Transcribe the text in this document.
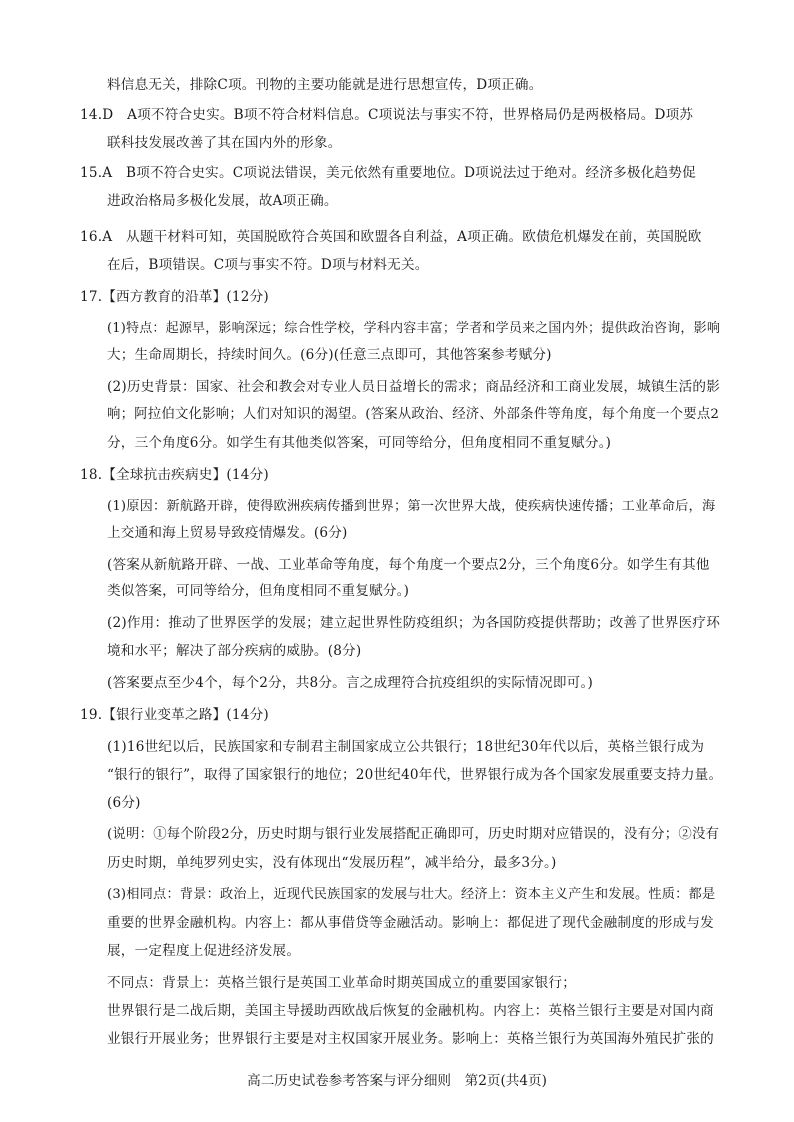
料信息无关，排除C项。刊物的主要功能就是进行思想宣传，D项正确。
14.D　A项不符合史实。B项不符合材料信息。C项说法与事实不符，世界格局仍是两极格局。D项苏
联科技发展改善了其在国内外的形象。
15.A　B项不符合史实。C项说法错误，美元依然有重要地位。D项说法过于绝对。经济多极化趋势促
进政治格局多极化发展，故A项正确。
16.A　从题干材料可知，英国脱欧符合英国和欧盟各自利益，A项正确。欧债危机爆发在前，英国脱欧
在后，B项错误。C项与事实不符。D项与材料无关。
17.【西方教育的沿革】(12分)
(1)特点：起源早，影响深远；综合性学校，学科内容丰富；学者和学员来之国内外；提供政治咨询，影响
大；生命周期长，持续时间久。(6分)(任意三点即可，其他答案参考赋分)
(2)历史背景：国家、社会和教会对专业人员日益增长的需求；商品经济和工商业发展，城镇生活的影
响；阿拉伯文化影响；人们对知识的渴望。(答案从政治、经济、外部条件等角度，每个角度一个要点2
分，三个角度6分。如学生有其他类似答案，可同等给分，但角度相同不重复赋分。)
18.【全球抗击疾病史】(14分)
(1)原因：新航路开辟，使得欧洲疾病传播到世界；第一次世界大战，使疾病快速传播；工业革命后，海
上交通和海上贸易导致疫情爆发。(6分)
(答案从新航路开辟、一战、工业革命等角度，每个角度一个要点2分，三个角度6分。如学生有其他
类似答案，可同等给分，但角度相同不重复赋分。)
(2)作用：推动了世界医学的发展；建立起世界性防疫组织；为各国防疫提供帮助；改善了世界医疗环
境和水平；解决了部分疾病的威胁。(8分)
(答案要点至少4个，每个2分，共8分。言之成理符合抗疫组织的实际情况即可。)
19.【银行业变革之路】(14分)
(1)16世纪以后，民族国家和专制君主制国家成立公共银行；18世纪30年代以后，英格兰银行成为
“银行的银行”，取得了国家银行的地位；20世纪40年代，世界银行成为各个国家发展重要支持力量。
(6分)
(说明：①每个阶段2分，历史时期与银行业发展搭配正确即可，历史时期对应错误的，没有分；②没有
历史时期，单纯罗列史实，没有体现出“发展历程”，减半给分，最多3分。)
(3)相同点：背景：政治上，近现代民族国家的发展与壮大。经济上：资本主义产生和发展。性质：都是
重要的世界金融机构。内容上：都从事借贷等金融活动。影响上：都促进了现代金融制度的形成与发
展，一定程度上促进经济发展。
不同点：背景上：英格兰银行是英国工业革命时期英国成立的重要国家银行；
世界银行是二战后期，美国主导援助西欧战后恢复的金融机构。内容上：英格兰银行主要是对国内商
业银行开展业务；世界银行主要是对主权国家开展业务。影响上：英格兰银行为英国海外殖民扩张的
高二历史试卷参考答案与评分细则　第2页(共4页)
